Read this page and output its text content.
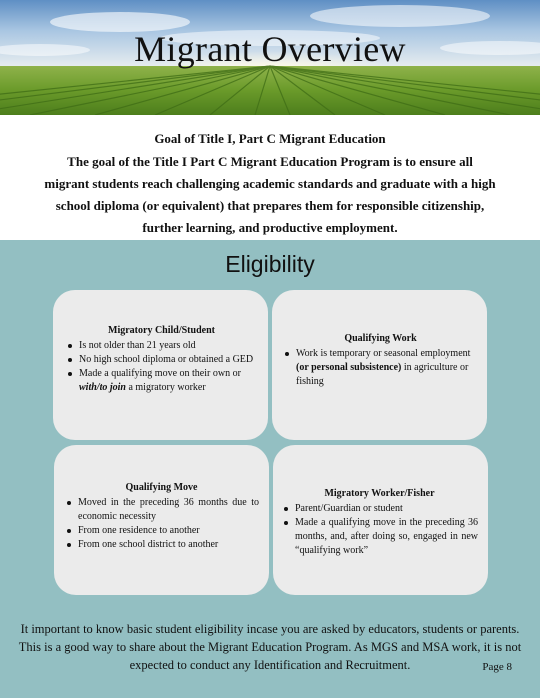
Migrant Overview
Goal of Title I, Part C Migrant Education
The goal of the Title I Part C Migrant Education Program is to ensure all migrant students reach challenging academic standards and graduate with a high school diploma (or equivalent) that prepares them for responsible citizenship, further learning, and productive employment.
Eligibility
Migratory Child/Student
Is not older than 21 years old
No high school diploma or obtained a GED
Made a qualifying move on their own or with/to join a migratory worker
Qualifying Work
Work is temporary or seasonal employment (or personal subsistence) in agriculture or fishing
Qualifying Move
Moved in the preceding 36 months due to economic necessity
From one residence to another
From one school district to another
Migratory Worker/Fisher
Parent/Guardian or student
Made a qualifying move in the preceding 36 months, and, after doing so, engaged in new “qualifying work”
It important to know basic student eligibility incase you are asked by educators, students or parents. This is a good way to share about the Migrant Education Program. As MGS and MSA work, it is not expected to conduct any Identification and Recruitment.	Page 8
